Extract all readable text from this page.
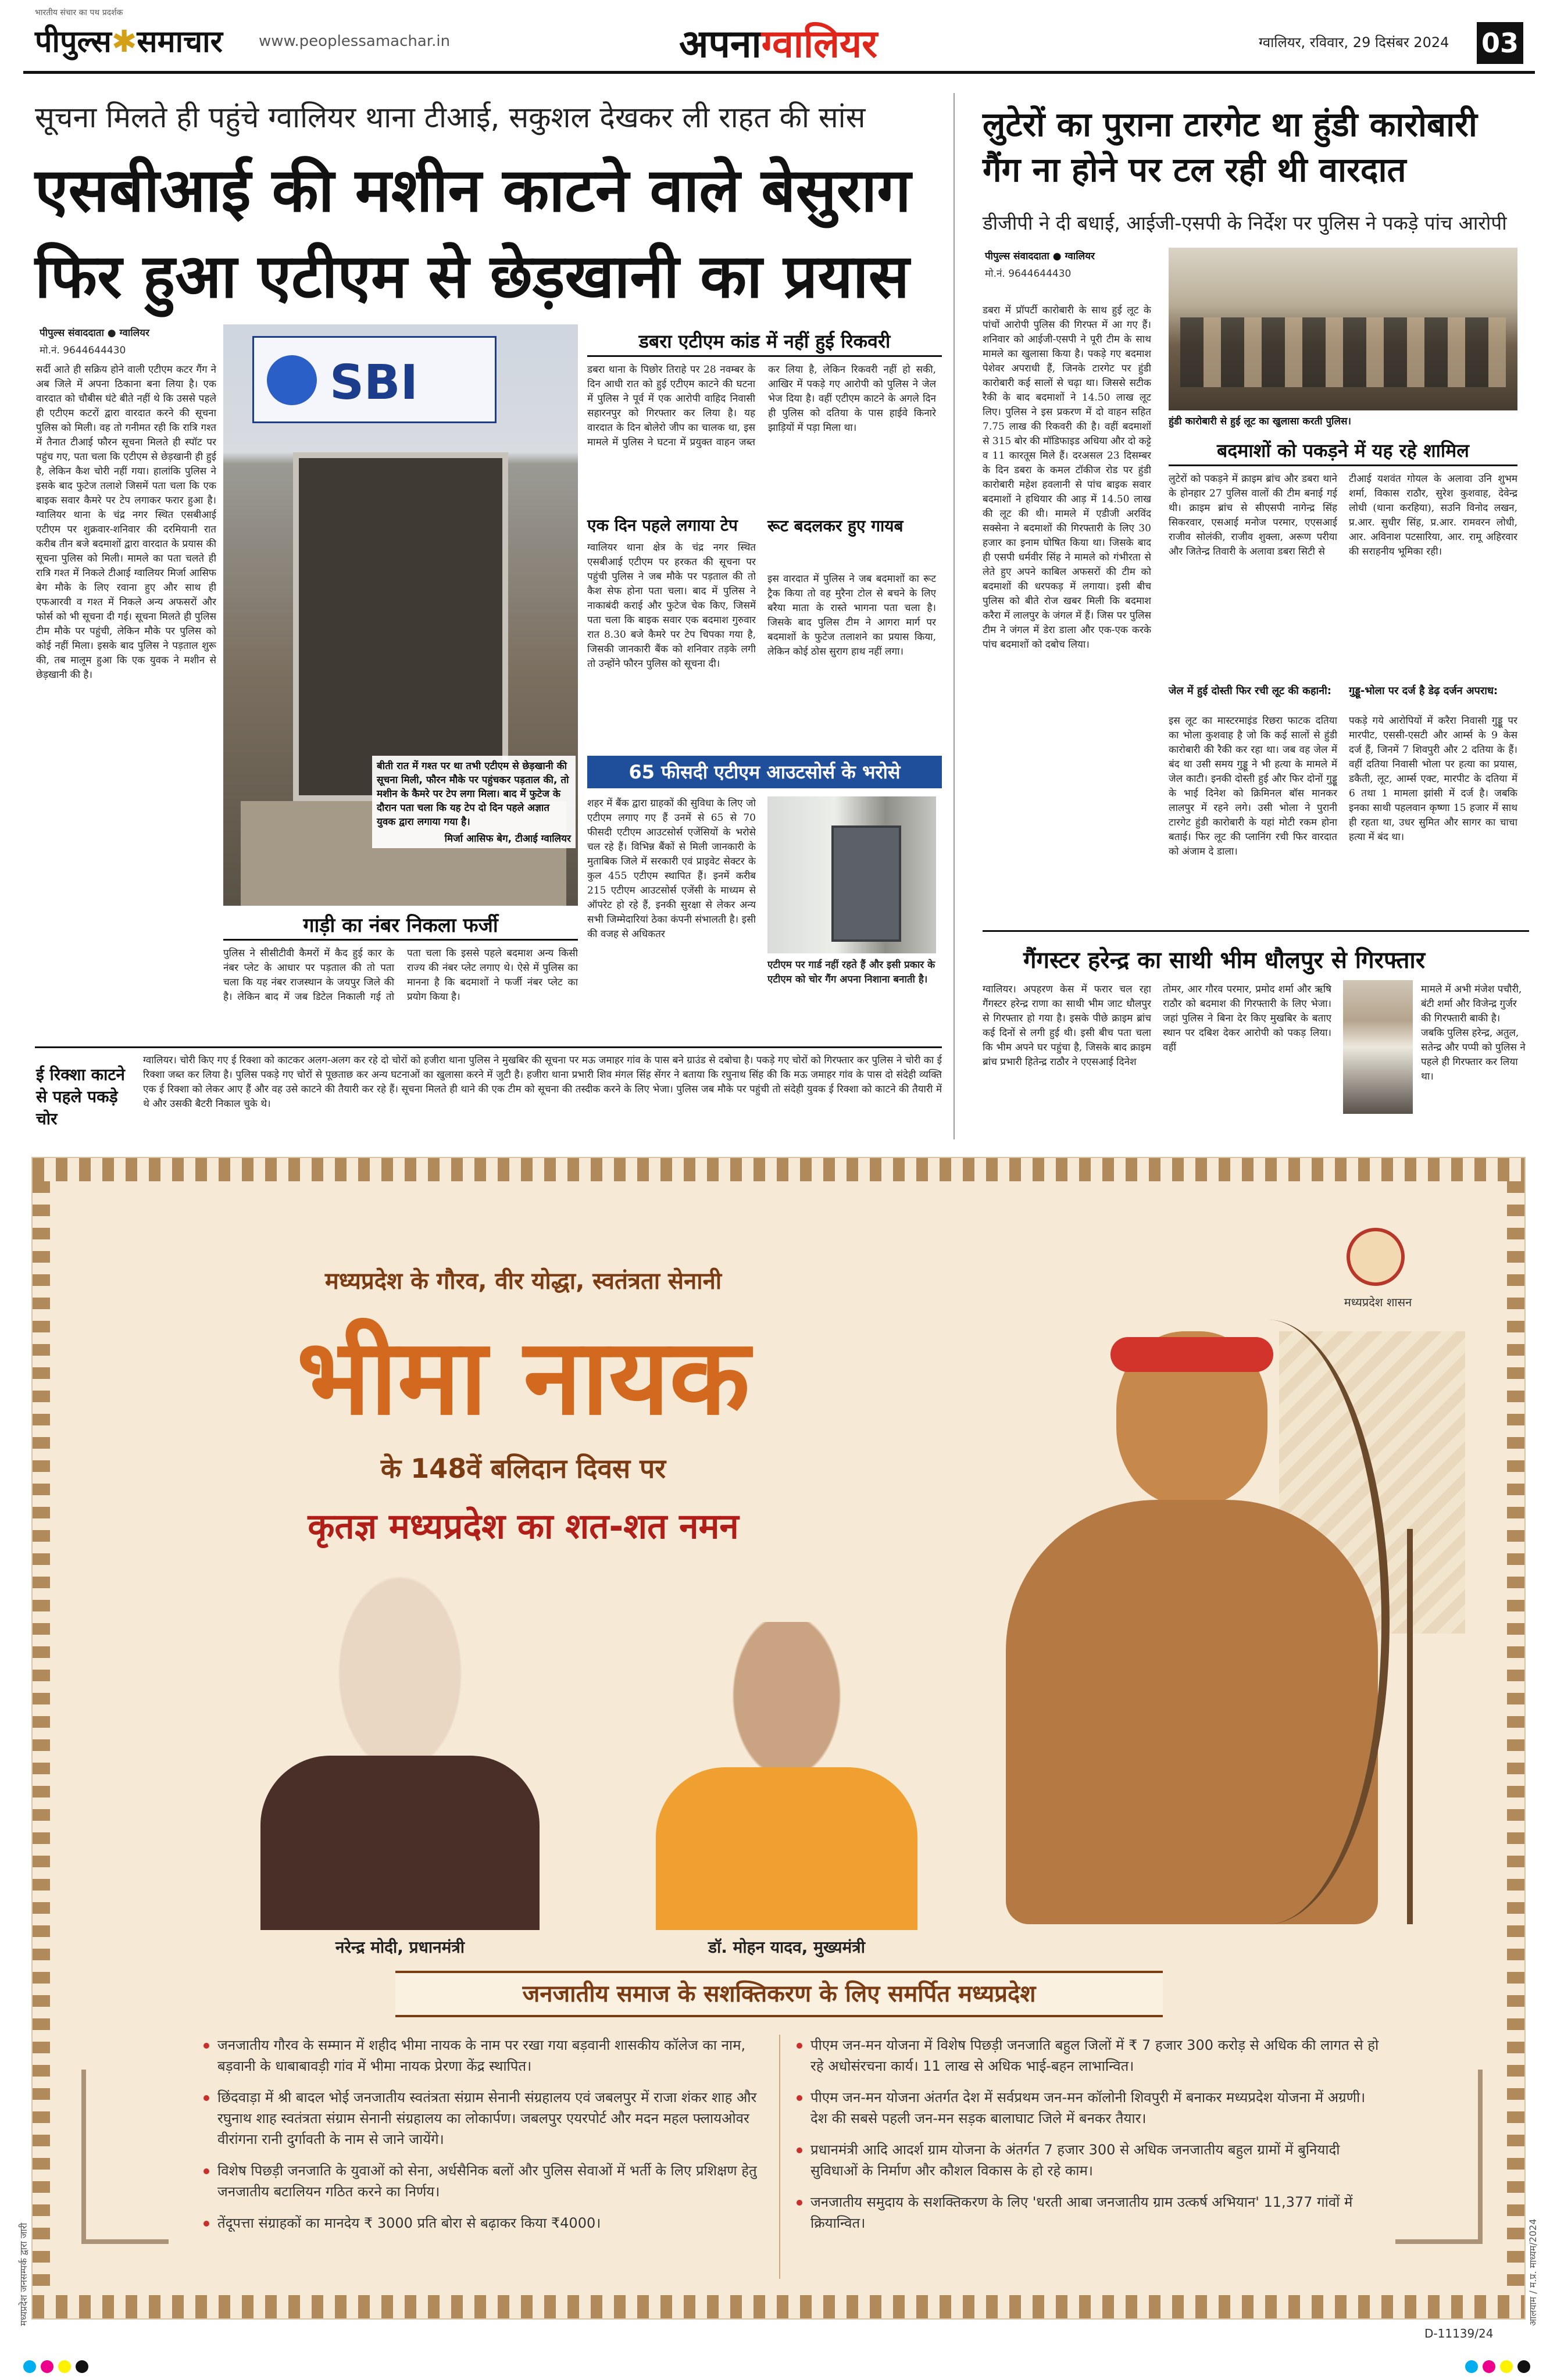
पीपुल्स✱समाचार
भारतीय संचार का पथ प्रदर्शक
www.peoplessamachar.in	अपनाग्वालियर	ग्वालियर, रविवार, 29 दिसंबर 2024 03
सूचना मिलते ही पहुंचे ग्वालियर थाना टीआई, सकुशल देखकर ली राहत की सांस
एसबीआई की मशीन काटने वाले बेसुराग
फिर हुआ एटीएम से छेड़खानी का प्रयास
पीपुल्स संवाददाता ● ग्वालियर
मो.नं. 9644644430
सर्दी आते ही सक्रिय होने वाली एटीएम कटर गैंग ने अब जिले में अपना ठिकाना बना लिया है। एक वारदात को चौबीस घंटे बीते नहीं थे कि उससे पहले ही एटीएम कटरों द्वारा वारदात करने की सूचना पुलिस को मिली। वह तो गनीमत रही कि रात्रि गश्त में तैनात टीआई फौरन सूचना मिलते ही स्पॉट पर पहुंच गए, पता चला कि एटीएम से छेड़खानी ही हुई है, लेकिन कैश चोरी नहीं गया। हालांकि पुलिस ने इसके बाद फुटेज तलाशे जिसमें पता चला कि एक बाइक सवार कैमरे पर टेप लगाकर फरार हुआ है। ग्वालियर थाना के चंद्र नगर स्थित एसबीआई एटीएम पर शुक्रवार-शनिवार की दरमियानी रात करीब तीन बजे बदमाशों द्वारा वारदात के प्रयास की सूचना पुलिस को मिली। मामले का पता चलते ही रात्रि गश्त में निकले टीआई ग्वालियर मिर्जा आसिफ बेग मौके के लिए रवाना हुए और साथ ही एफआरवी व गश्त में निकले अन्य अफसरों और फोर्स को भी सूचना दी गई। सूचना मिलते ही पुलिस टीम मौके पर पहुंची, लेकिन मौके पर पुलिस को कोई नहीं मिला। इसके बाद पुलिस ने पड़ताल शुरू की, तब मालूम हुआ कि एक युवक ने मशीन से छेड़खानी की है।
SBI
बीती रात में गश्त पर था तभी एटीएम से छेड़खानी की सूचना मिली, फौरन मौके पर पहुंचकर पड़ताल की, तो मशीन के कैमरे पर टेप लगा मिला। बाद में फुटेज के दौरान पता चला कि यह टेप दो दिन पहले अज्ञात युवक द्वारा लगाया गया है।
मिर्जा आसिफ बेग, टीआई ग्वालियर
डबरा एटीएम कांड में नहीं हुई रिकवरी
डबरा थाना के पिछोर तिराहे पर 28 नवम्बर के दिन आधी रात को हुई एटीएम काटने की घटना में पुलिस ने पूर्व में एक आरोपी वाहिद निवासी सहारनपुर को गिरफ्तार कर लिया है। यह वारदात के दिन बोलेरो जीप का चालक था, इस मामले में पुलिस ने घटना में प्रयुक्त वाहन जब्त कर लिया है, लेकिन रिकवरी नहीं हो सकी, आखिर में पकड़े गए आरोपी को पुलिस ने जेल भेज दिया है। वहीं एटीएम काटने के अगले दिन ही पुलिस को दतिया के पास हाईवे किनारे झाड़ियों में पड़ा मिला था।
एक दिन पहले लगाया टेप
ग्वालियर थाना क्षेत्र के चंद्र नगर स्थित एसबीआई एटीएम पर हरकत की सूचना पर पहुंची पुलिस ने जब मौके पर पड़ताल की तो कैश सेफ होना पता चला। बाद में पुलिस ने नाकाबंदी कराई और फुटेज चेक किए, जिसमें पता चला कि बाइक सवार एक बदमाश गुरुवार रात 8.30 बजे कैमरे पर टेप चिपका गया है, जिसकी जानकारी बैंक को शनिवार तड़के लगी तो उन्होंने फौरन पुलिस को सूचना दी।
रूट बदलकर हुए गायब
इस वारदात में पुलिस ने जब बदमाशों का रूट ट्रैक किया तो वह मुरैना टोल से बचने के लिए बरैया माता के रास्ते भागना पता चला है। जिसके बाद पुलिस टीम ने आगरा मार्ग पर बदमाशों के फुटेज तलाशने का प्रयास किया, लेकिन कोई ठोस सुराग हाथ नहीं लगा।
65 फीसदी एटीएम आउटसोर्स के भरोसे
शहर में बैंक द्वारा ग्राहकों की सुविधा के लिए जो एटीएम लगाए गए हैं उनमें से 65 से 70 फीसदी एटीएम आउटसोर्स एजेंसियों के भरोसे चल रहे हैं। विभिन्न बैंकों से मिली जानकारी के मुताबिक जिले में सरकारी एवं प्राइवेट सेक्टर के कुल 455 एटीएम स्थापित हैं। इनमें करीब 215 एटीएम आउटसोर्स एजेंसी के माध्यम से ऑपरेट हो रहे हैं, इनकी सुरक्षा से लेकर अन्य सभी जिम्मेदारियां ठेका कंपनी संभालती है। इसी की वजह से अधिकतर
एटीएम पर गार्ड नहीं रहते हैं और इसी प्रकार के एटीएम को चोर गैंग अपना निशाना बनाती है।
गाड़ी का नंबर निकला फर्जी
पुलिस ने सीसीटीवी कैमरों में कैद हुई कार के नंबर प्लेट के आधार पर पड़ताल की तो पता चला कि यह नंबर राजस्थान के जयपुर जिले की है। लेकिन बाद में जब डिटेल निकाली गई तो पता चला कि इससे पहले बदमाश अन्य किसी राज्य की नंबर प्लेट लगाए थे। ऐसे में पुलिस का मानना है कि बदमाशों ने फर्जी नंबर प्लेट का प्रयोग किया है।
ई रिक्शा काटने से पहले पकड़े चोर
ग्वालियर। चोरी किए गए ई रिक्शा को काटकर अलग-अलग कर रहे दो चोरों को हजीरा थाना पुलिस ने मुखबिर की सूचना पर मऊ जमाहर गांव के पास बने ग्राउंड से दबोचा है। पकड़े गए चोरों को गिरफ्तार कर पुलिस ने चोरी का ई रिक्शा जब्त कर लिया है। पुलिस पकड़े गए चोरों से पूछताछ कर अन्य घटनाओं का खुलासा करने में जुटी है। हजीरा थाना प्रभारी शिव मंगल सिंह सेंगर ने बताया कि रघुनाथ सिंह की कि मऊ जमाहर गांव के पास दो संदेही व्यक्ति एक ई रिक्शा को लेकर आए हैं और वह उसे काटने की तैयारी कर रहे हैं। सूचना मिलते ही थाने की एक टीम को सूचना की तस्दीक करने के लिए भेजा। पुलिस जब मौके पर पहुंची तो संदेही युवक ई रिक्शा को काटने की तैयारी में थे और उसकी बैटरी निकाल चुके थे।
लुटेरों का पुराना टारगेट था हुंडी कारोबारी
गैंग ना होने पर टल रही थी वारदात
डीजीपी ने दी बधाई, आईजी-एसपी के निर्देश पर पुलिस ने पकड़े पांच आरोपी
पीपुल्स संवाददाता ● ग्वालियर
मो.नं. 9644644430
डबरा में प्रॉपर्टी कारोबारी के साथ हुई लूट के पांचों आरोपी पुलिस की गिरफ्त में आ गए हैं। शनिवार को आईजी-एसपी ने पूरी टीम के साथ मामले का खुलासा किया है। पकड़े गए बदमाश पेशेवर अपराधी हैं, जिनके टारगेट पर हुंडी कारोबारी कई सालों से चढ़ा था। जिससे सटीक रैकी के बाद बदमाशों ने 14.50 लाख लूट लिए। पुलिस ने इस प्रकरण में दो वाहन सहित 7.75 लाख की रिकवरी की है। वहीं बदमाशों से 315 बोर की मॉडिफाइड अधिया और दो कट्टे व 11 कारतूस मिले हैं। दरअसल 23 दिसम्बर के दिन डबरा के कमल टॉकीज रोड पर हुंडी कारोबारी महेश हवलानी से पांच बाइक सवार बदमाशों ने हथियार की आड़ में 14.50 लाख की लूट की थी। मामले में एडीजी अरविंद सक्सेना ने बदमाशों की गिरफ्तारी के लिए 30 हजार का इनाम घोषित किया था। जिसके बाद ही एसपी धर्मवीर सिंह ने मामले को गंभीरता से लेते हुए अपने काबिल अफसरों की टीम को बदमाशों की धरपकड़ में लगाया। इसी बीच पुलिस को बीते रोज खबर मिली कि बदमाश करैरा में लालपुर के जंगल में हैं। जिस पर पुलिस टीम ने जंगल में डेरा डाला और एक-एक करके पांच बदमाशों को दबोच लिया।
हुंडी कारोबारी से हुई लूट का खुलासा करती पुलिस।
बदमाशों को पकड़ने में यह रहे शामिल
लुटेरों को पकड़ने में क्राइम ब्रांच और डबरा थाने के होनहार 27 पुलिस वालों की टीम बनाई गई थी। क्राइम ब्रांच से सीएसपी नागेन्द्र सिंह सिकरवार, एसआई मनोज परमार, एएसआई राजीव सोलंकी, राजीव शुक्ला, अरूण परीया और जितेन्द्र तिवारी के अलावा डबरा सिटी से
टीआई यशवंत गोयल के अलावा उनि शुभम शर्मा, विकास राठौर, सुरेश कुशवाह, देवेन्द्र लोधी (थाना करहिया), सउनि विनोद लखन, प्र.आर. सुधीर सिंह, प्र.आर. रामवरन लोधी, आर. अविनाश पटसारिया, आर. रामू अहिरवार की सराहनीय भूमिका रही।
जेल में हुई दोस्ती फिर रची लूट की कहानी:
इस लूट का मास्टरमाइंड रिछरा फाटक दतिया का भोला कुशवाह है जो कि कई सालों से हुंडी कारोबारी की रैकी कर रहा था। जब वह जेल में बंद था उसी समय गुड्डू ने भी हत्या के मामले में जेल काटी। इनकी दोस्ती हुई और फिर दोनों गुड्डू के भाई दिनेश को क्रिमिनल बॉस मानकर लालपुर में रहने लगे। उसी भोला ने पुरानी टारगेट हुंडी कारोबारी के यहां मोटी रकम होना बताई। फिर लूट की प्लानिंग रची फिर वारदात को अंजाम दे डाला।
गुड्डू-भोला पर दर्ज है डेढ़ दर्जन अपराध:
पकड़े गये आरोपियों में करैरा निवासी गुड्डू पर मारपीट, एससी-एसटी और आर्म्स के 9 केस दर्ज हैं, जिनमें 7 शिवपुरी और 2 दतिया के हैं। वहीं दतिया निवासी भोला पर हत्या का प्रयास, डकैती, लूट, आर्म्स एक्ट, मारपीट के दतिया में 6 तथा 1 मामला झांसी में दर्ज है। जबकि इनका साथी पहलवान कृष्णा 15 हजार में साथ ही रहता था, उधर सुमित और सागर का चाचा हत्या में बंद था।
गैंगस्टर हरेन्द्र का साथी भीम धौलपुर से गिरफ्तार
ग्वालियर। अपहरण केस में फरार चल रहा गैंगस्टर हरेन्द्र राणा का साथी भीम जाट धौलपुर से गिरफ्तार हो गया है। इसके पीछे क्राइम ब्रांच कई दिनों से लगी हुई थी। इसी बीच पता चला कि भीम अपने घर पहुंचा है, जिसके बाद क्राइम ब्रांच प्रभारी हितेन्द्र राठौर ने एएसआई दिनेश
तोमर, आर गौरव परमार, प्रमोद शर्मा और ऋषि राठौर को बदमाश की गिरफ्तारी के लिए भेजा। जहां पुलिस ने बिना देर किए मुखबिर के बताए स्थान पर दबिश देकर आरोपी को पकड़ लिया। वहीं
मामले में अभी मंजेश पचौरी, बंटी शर्मा और विजेन्द्र गुर्जर की गिरफ्तारी बाकी है। जबकि पुलिस हरेन्द्र, अतुल, सतेन्द्र और पप्पी को पुलिस ने पहले ही गिरफ्तार कर लिया था।
मध्यप्रदेश के गौरव, वीर योद्धा, स्वतंत्रता सेनानी
भीमा नायक
के 148वें बलिदान दिवस पर
कृतज्ञ मध्यप्रदेश का शत-शत नमन
मध्यप्रदेश शासन
नरेन्द्र मोदी, प्रधानमंत्री	डॉ. मोहन यादव, मुख्यमंत्री
जनजातीय समाज के सशक्तिकरण के लिए समर्पित मध्यप्रदेश
जनजातीय गौरव के सम्मान में शहीद भीमा नायक के नाम पर रखा गया बड़वानी शासकीय कॉलेज का नाम, बड़वानी के धाबाबावड़ी गांव में भीमा नायक प्रेरणा केंद्र स्थापित।
छिंदवाड़ा में श्री बादल भोई जनजातीय स्वतंत्रता संग्राम सेनानी संग्रहालय एवं जबलपुर में राजा शंकर शाह और रघुनाथ शाह स्वतंत्रता संग्राम सेनानी संग्रहालय का लोकार्पण। जबलपुर एयरपोर्ट और मदन महल फ्लायओवर वीरांगना रानी दुर्गावती के नाम से जाने जायेंगे।
विशेष पिछड़ी जनजाति के युवाओं को सेना, अर्धसैनिक बलों और पुलिस सेवाओं में भर्ती के लिए प्रशिक्षण हेतु जनजातीय बटालियन गठित करने का निर्णय।
तेंदूपत्ता संग्राहकों का मानदेय ₹ 3000 प्रति बोरा से बढ़ाकर किया ₹4000।
पीएम जन-मन योजना में विशेष पिछड़ी जनजाति बहुल जिलों में ₹ 7 हजार 300 करोड़ से अधिक की लागत से हो रहे अधोसंरचना कार्य। 11 लाख से अधिक भाई-बहन लाभान्वित।
पीएम जन-मन योजना अंतर्गत देश में सर्वप्रथम जन-मन कॉलोनी शिवपुरी में बनाकर मध्यप्रदेश योजना में अग्रणी। देश की सबसे पहली जन-मन सड़क बालाघाट जिले में बनकर तैयार।
प्रधानमंत्री आदि आदर्श ग्राम योजना के अंतर्गत 7 हजार 300 से अधिक जनजातीय बहुल ग्रामों में बुनियादी सुविधाओं के निर्माण और कौशल विकास के हो रहे काम।
जनजातीय समुदाय के सशक्तिकरण के लिए 'धरती आबा जनजातीय ग्राम उत्कर्ष अभियान' 11,377 गांवों में क्रियान्वित।
मध्यप्रदेश जनसम्पर्क द्वारा जारी	आलयाम / म.प्र. माध्यम/2024
D-11139/24
